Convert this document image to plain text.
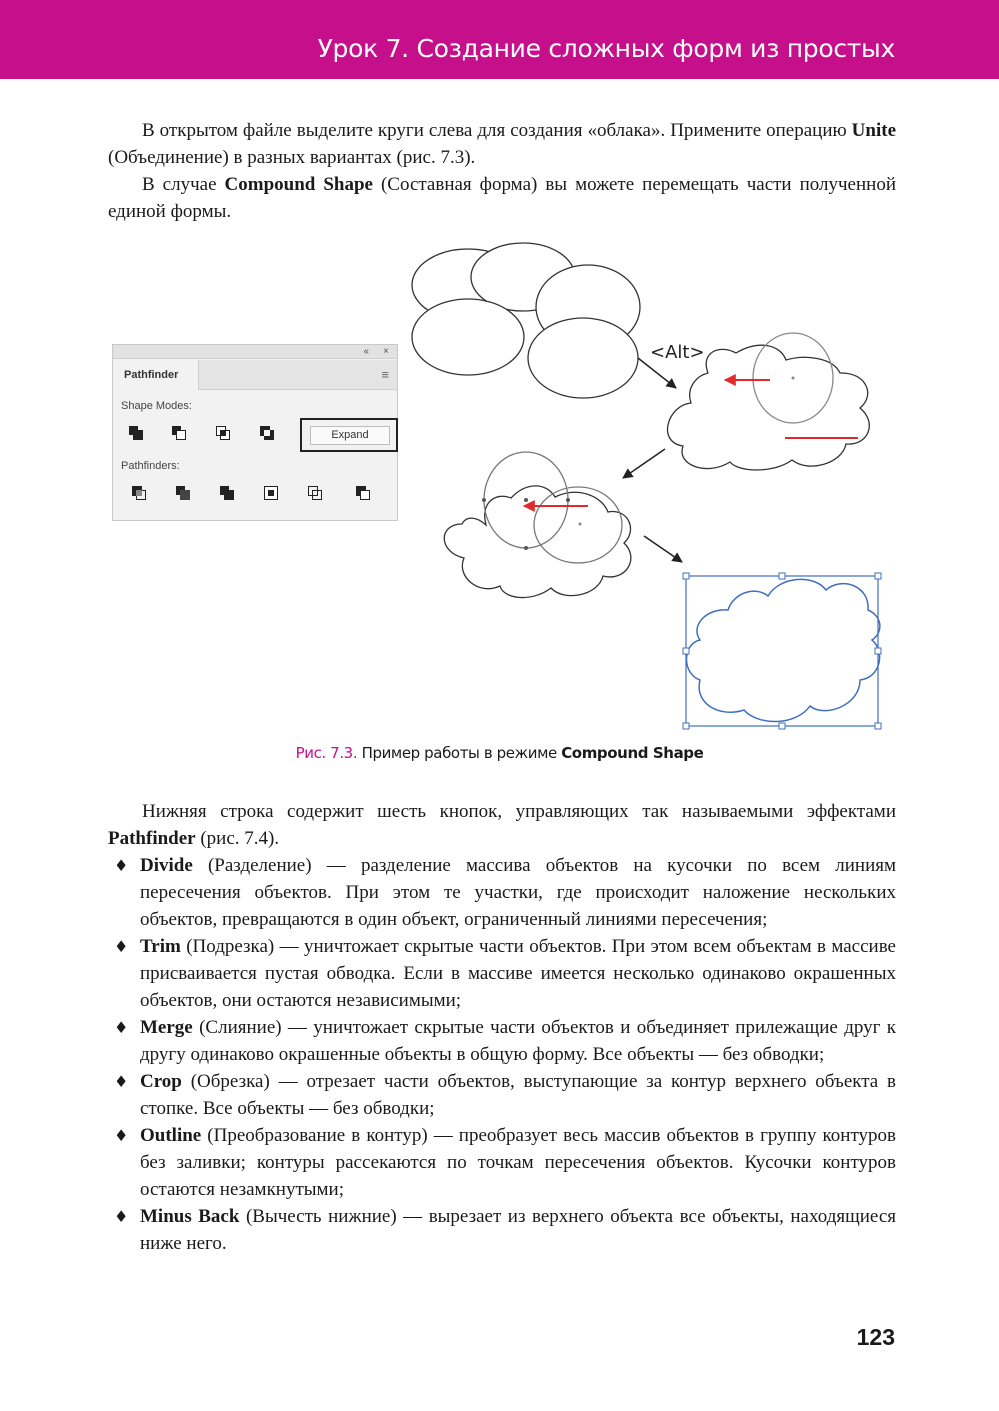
Урок 7. Создание сложных форм из простых

В открытом файле выделите круги слева для создания «облака». Примените операцию Unite (Объединение) в разных вариантах (рис. 7.3).

В случае Compound Shape (Составная форма) вы можете перемещать части полученной единой формы.

<Alt>
« ×
Pathfinder	≡
Shape Modes:
Expand
Pathfinders:
Рис. 7.3. Пример работы в режиме Compound Shape

Нижняя строка содержит шесть кнопок, управляющих так называемыми эффектами Pathfinder (рис. 7.4).

♦ Divide (Разделение) — разделение массива объектов на кусочки по всем линиям пересечения объектов. При этом те участки, где происходит наложение нескольких объектов, превращаются в один объект, ограниченный линиями пересечения;
♦ Trim (Подрезка) — уничтожает скрытые части объектов. При этом всем объектам в массиве присваивается пустая обводка. Если в массиве имеется несколько одинаково окрашенных объектов, они остаются независимыми;
♦ Merge (Слияние) — уничтожает скрытые части объектов и объединяет прилежащие друг к другу одинаково окрашенные объекты в общую форму. Все объекты — без обводки;
♦ Crop (Обрезка) — отрезает части объектов, выступающие за контур верхнего объекта в стопке. Все объекты — без обводки;
♦ Outline (Преобразование в контур) — преобразует весь массив объектов в группу контуров без заливки; контуры рассекаются по точкам пересечения объектов. Кусочки контуров остаются незамкнутыми;
♦ Minus Back (Вычесть нижние) — вырезает из верхнего объекта все объекты, находящиеся ниже него.
123
